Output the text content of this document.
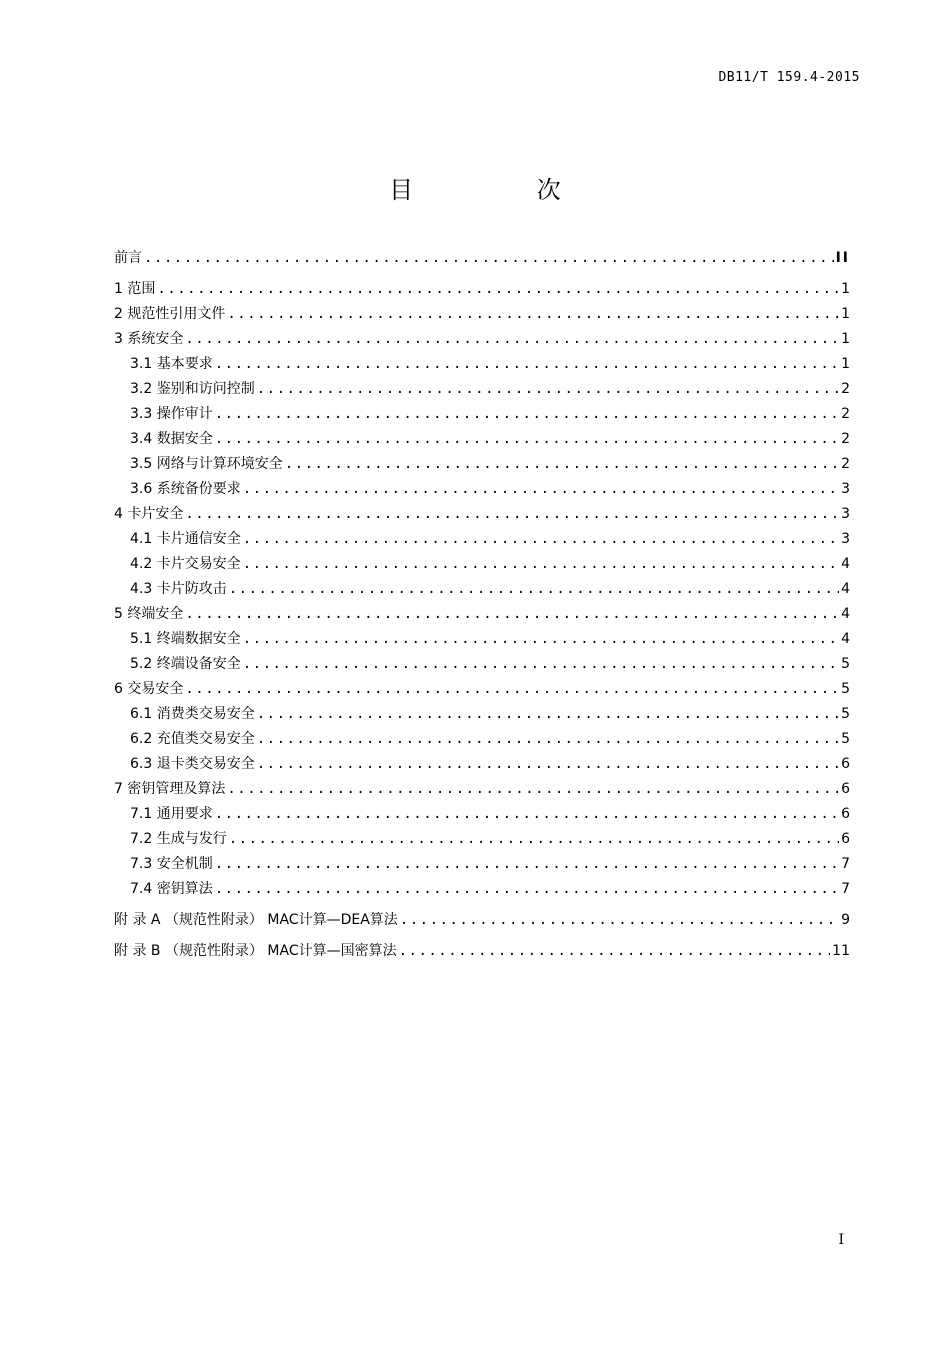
DB11/T 159.4-2015
目 次
前言 .....	II
1 范围 .....	1
2 规范性引用文件 .....	1
3 系统安全 .....	1
3.1 基本要求 .....	1
3.2 鉴别和访问控制 .....	2
3.3 操作审计 .....	2
3.4 数据安全 .....	2
3.5 网络与计算环境安全 .....	2
3.6 系统备份要求 .....	3
4 卡片安全 .....	3
4.1 卡片通信安全 .....	3
4.2 卡片交易安全 .....	4
4.3 卡片防攻击 .....	4
5 终端安全 .....	4
5.1 终端数据安全 .....	4
5.2 终端设备安全 .....	5
6 交易安全 .....	5
6.1 消费类交易安全 .....	5
6.2 充值类交易安全 .....	5
6.3 退卡类交易安全 .....	6
7 密钥管理及算法 .....	6
7.1 通用要求 .....	6
7.2 生成与发行 .....	6
7.3 安全机制 .....	7
7.4 密钥算法 .....	7
附 录 A （规范性附录） MAC计算—DEA算法 .....	9
附 录 B （规范性附录） MAC计算—国密算法 .....	11
I
